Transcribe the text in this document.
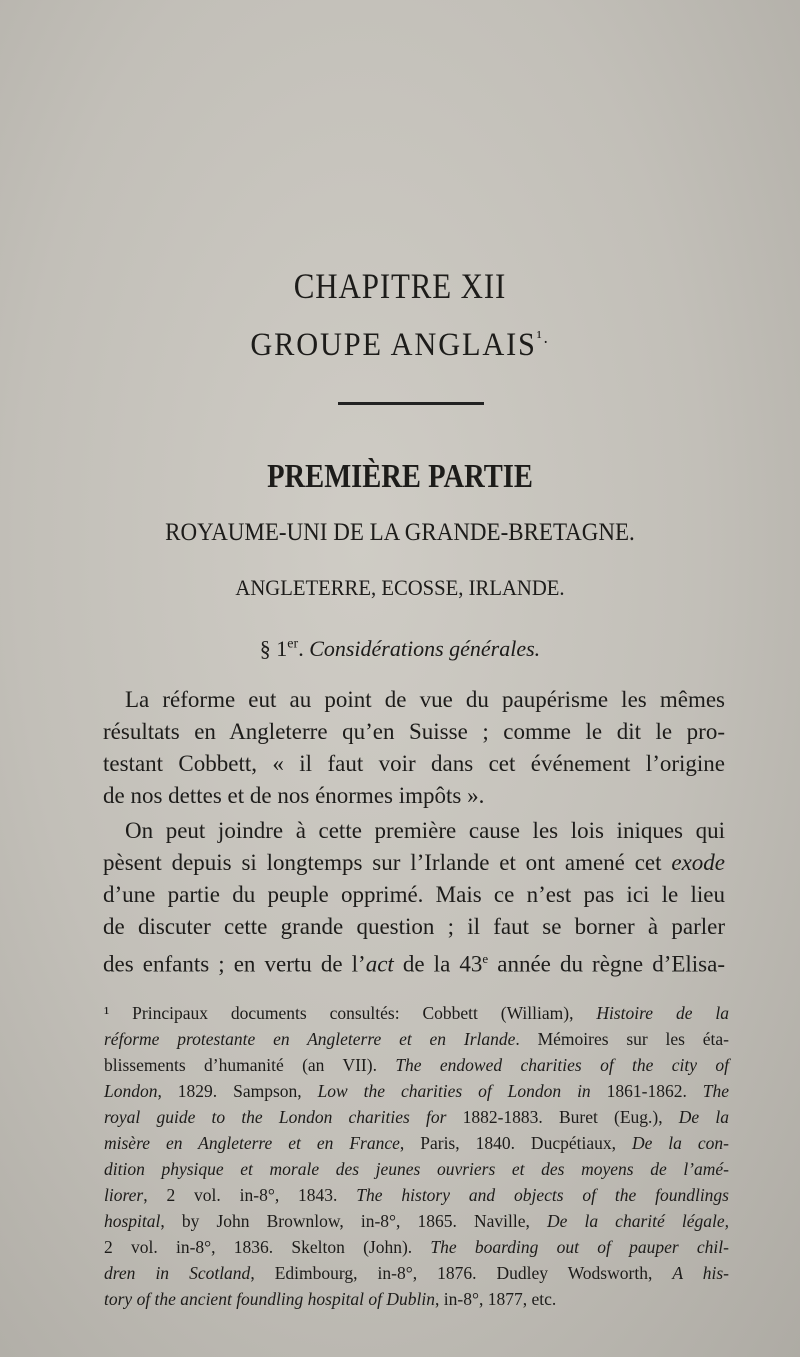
CHAPITRE XII
GROUPE $ANGLAIS^{^1.}$
PREMIÈRE PARTIE
ROYAUME-UNI DE LA GRANDE-BRETAGNE.
ANGLETERRE, ECOSSE, IRLANDE.
§ 1er. Considérations générales.
La réforme eut au point de vue du paupérisme les mêmes
résultats en Angleterre qu’en Suisse ; comme le dit le pro-
testant Cobbett, « il faut voir dans cet événement l’origine
de nos dettes et de nos énormes impôts ».
On peut joindre à cette première cause les lois iniques qui
pèsent depuis si longtemps sur l’Irlande et ont amené cet exode
d’une partie du peuple opprimé. Mais ce n’est pas ici le lieu
de discuter cette grande question ; il faut se borner à parler
des enfants ; en vertu de l’act de la 43e année du règne d’Elisa-
¹ Principaux documents consultés: Cobbett (William), Histoire de la
réforme protestante en Angleterre et en Irlande. Mémoires sur les éta-
blissements d’humanité (an VII). The endowed charities of the city of
London, 1829. Sampson, Low the charities of London in 1861-1862. The
royal guide to the London charities for 1882-1883. Buret (Eug.), De la
misère en Angleterre et en France, Paris, 1840. Ducpétiaux, De la con-
dition physique et morale des jeunes ouvriers et des moyens de l’amé-
liorer, 2 vol. in-8°, 1843. The history and objects of the foundlings
hospital, by John Brownlow, in-8°, 1865. Naville, De la charité légale,
2 vol. in-8°, 1836. Skelton (John). The boarding out of pauper chil-
dren in Scotland, Edimbourg, in-8°, 1876. Dudley Wodsworth, A his-
tory of the ancient foundling hospital of Dublin, in-8°, 1877, etc.
